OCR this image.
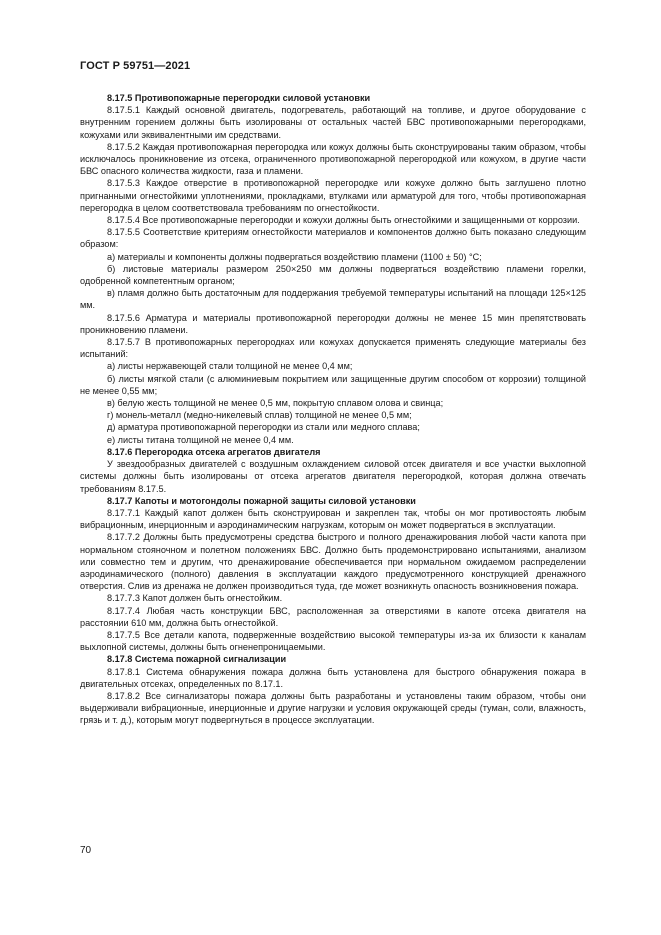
ГОСТ Р 59751—2021

8.17.5 Противопожарные перегородки силовой установки

8.17.5.1 Каждый основной двигатель, подогреватель, работающий на топливе, и другое оборудование с внутренним горением должны быть изолированы от остальных частей БВС противопожарными перегородками, кожухами или эквивалентными им средствами.

8.17.5.2 Каждая противопожарная перегородка или кожух должны быть сконструированы таким образом, чтобы исключалось проникновение из отсека, ограниченного противопожарной перегородкой или кожухом, в другие части БВС опасного количества жидкости, газа и пламени.

8.17.5.3 Каждое отверстие в противопожарной перегородке или кожухе должно быть заглушено плотно пригнанными огнестойкими уплотнениями, прокладками, втулками или арматурой для того, чтобы противопожарная перегородка в целом соответствовала требованиям по огнестойкости.

8.17.5.4 Все противопожарные перегородки и кожухи должны быть огнестойкими и защищенными от коррозии.

8.17.5.5 Соответствие критериям огнестойкости материалов и компонентов должно быть показано следующим образом:

а) материалы и компоненты должны подвергаться воздействию пламени (1100 ± 50) °С;

б) листовые материалы размером 250×250 мм должны подвергаться воздействию пламени горелки, одобренной компетентным органом;

в) пламя должно быть достаточным для поддержания требуемой температуры испытаний на площади 125×125 мм.

8.17.5.6 Арматура и материалы противопожарной перегородки должны не менее 15 мин препятствовать проникновению пламени.

8.17.5.7 В противопожарных перегородках или кожухах допускается применять следующие материалы без испытаний:

а) листы нержавеющей стали толщиной не менее 0,4 мм;

б) листы мягкой стали (с алюминиевым покрытием или защищенные другим способом от коррозии) толщиной не менее 0,55 мм;

в) белую жесть толщиной не менее 0,5 мм, покрытую сплавом олова и свинца;

г) монель-металл (медно-никелевый сплав) толщиной не менее 0,5 мм;

д) арматура противопожарной перегородки из стали или медного сплава;

е) листы титана толщиной не менее 0,4 мм.

8.17.6 Перегородка отсека агрегатов двигателя

У звездообразных двигателей с воздушным охлаждением силовой отсек двигателя и все участки выхлопной системы должны быть изолированы от отсека агрегатов двигателя перегородкой, которая должна отвечать требованиям 8.17.5.

8.17.7 Капоты и мотогондолы пожарной защиты силовой установки

8.17.7.1 Каждый капот должен быть сконструирован и закреплен так, чтобы он мог противостоять любым вибрационным, инерционным и аэродинамическим нагрузкам, которым он может подвергаться в эксплуатации.

8.17.7.2 Должны быть предусмотрены средства быстрого и полного дренажирования любой части капота при нормальном стояночном и полетном положениях БВС. Должно быть продемонстрировано испытаниями, анализом или совместно тем и другим, что дренажирование обеспечивается при нормальном ожидаемом распределении аэродинамического (полного) давления в эксплуатации каждого предусмотренного конструкцией дренажного отверстия. Слив из дренажа не должен производиться туда, где может возникнуть опасность возникновения пожара.

8.17.7.3 Капот должен быть огнестойким.

8.17.7.4 Любая часть конструкции БВС, расположенная за отверстиями в капоте отсека двигателя на расстоянии 610 мм, должна быть огнестойкой.

8.17.7.5 Все детали капота, подверженные воздействию высокой температуры из-за их близости к каналам выхлопной системы, должны быть огненепроницаемыми.

8.17.8 Система пожарной сигнализации

8.17.8.1 Система обнаружения пожара должна быть установлена для быстрого обнаружения пожара в двигательных отсеках, определенных по 8.17.1.

8.17.8.2 Все сигнализаторы пожара должны быть разработаны и установлены таким образом, чтобы они выдерживали вибрационные, инерционные и другие нагрузки и условия окружающей среды (туман, соли, влажность, грязь и т. д.), которым могут подвергнуться в процессе эксплуатации.

70
